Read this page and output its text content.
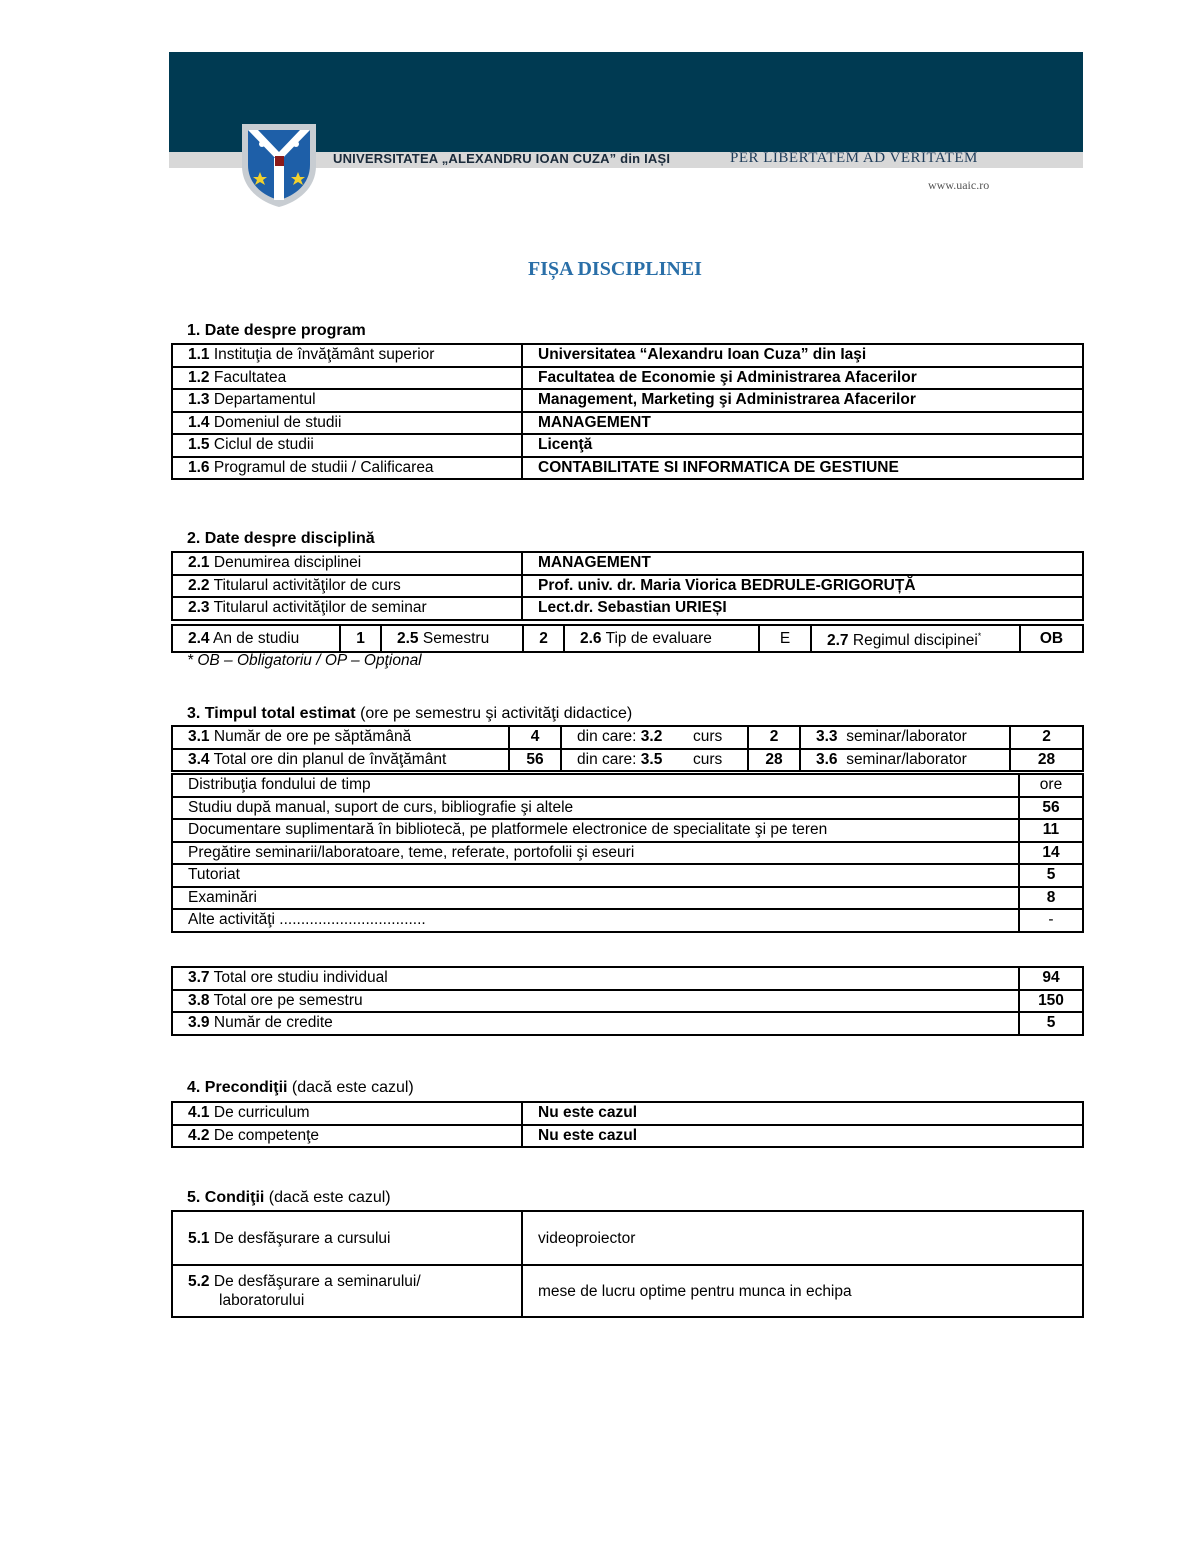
UNIVERSITATEA „ALEXANDRU IOAN CUZA” din IAȘI	PER LIBERTATEM AD VERITATEM
www.uaic.ro
FIȘA DISCIPLINEI
1. Date despre program
1.1 Instituţia de învăţământ superior	Universitatea “Alexandru Ioan Cuza” din Iaşi
1.2 Facultatea	Facultatea de Economie şi Administrarea Afacerilor
1.3 Departamentul	Management, Marketing şi Administrarea Afacerilor
1.4 Domeniul de studii	MANAGEMENT
1.5 Ciclul de studii	Licenţă
1.6 Programul de studii / Calificarea	CONTABILITATE SI INFORMATICA DE GESTIUNE
2. Date despre disciplină
2.1 Denumirea disciplinei	MANAGEMENT
2.2 Titularul activităţilor de curs	Prof. univ. dr. Maria Viorica BEDRULE-GRIGORUȚĂ
2.3 Titularul activităţilor de seminar	Lect.dr. Sebastian URIEȘI
2.4 An de studiu	1	2.5 Semestru	2	2.6 Tip de evaluare	E	2.7 Regimul discipinei*	OB
* OB – Obligatoriu / OP – Opţional
3. Timpul total estimat (ore pe semestru şi activităţi didactice)
3.1 Număr de ore pe săptămână	4	din care: 3.2	curs	2	3.3 seminar/laborator	2
3.4 Total ore din planul de învăţământ	56	din care: 3.5	curs	28	3.6 seminar/laborator	28
Distribuţia fondului de timp	ore
Studiu după manual, suport de curs, bibliografie şi altele	56
Documentare suplimentară în bibliotecă, pe platformele electronice de specialitate şi pe teren	11
Pregătire seminarii/laboratoare, teme, referate, portofolii şi eseuri	14
Tutoriat	5
Examinări	8
Alte activităţi ..................................	-
3.7 Total ore studiu individual	94
3.8 Total ore pe semestru	150
3.9 Număr de credite	5
4. Precondiţii (dacă este cazul)
4.1 De curriculum	Nu este cazul
4.2 De competenţe	Nu este cazul
5. Condiţii (dacă este cazul)
5.1 De desfăşurare a cursului	videoproiector
5.2 De desfăşurare a seminarului/
laboratorului	mese de lucru optime pentru munca in echipa
